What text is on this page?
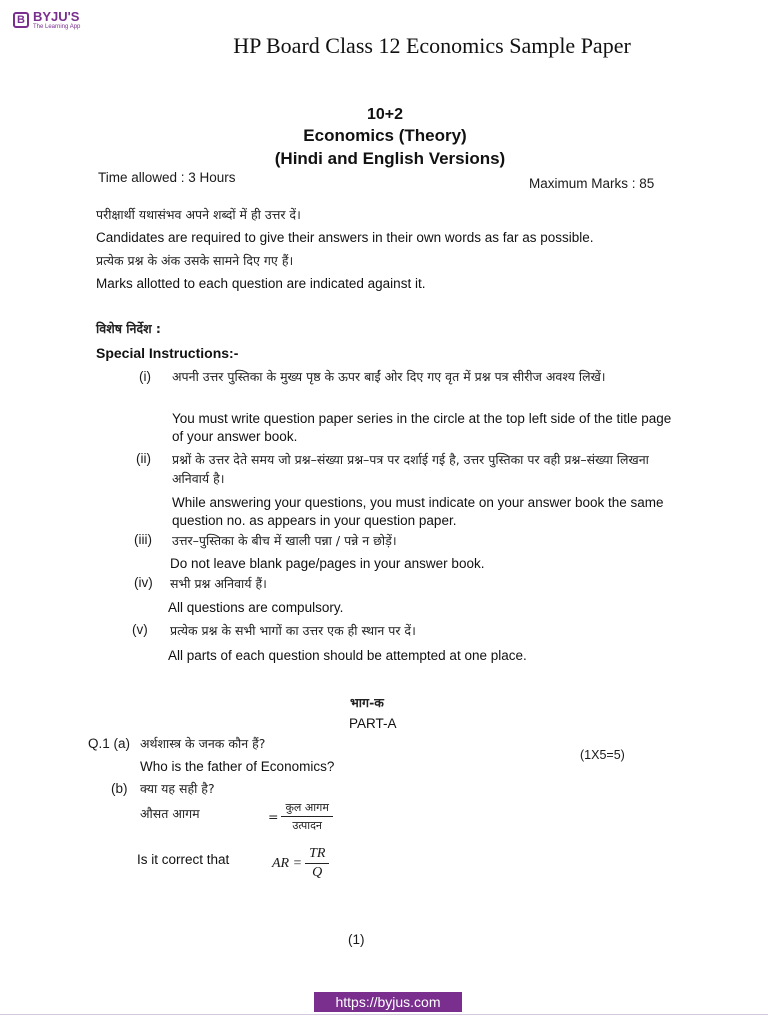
B BYJU'S
The Learning App
HP Board Class 12 Economics Sample Paper
10+2
Economics (Theory)
(Hindi and English Versions)
Time allowed : 3 Hours	Maximum Marks : 85
परीक्षार्थी यथासंभव अपने शब्दों में ही उत्तर दें।
Candidates are required to give their answers in their own words as far as possible.
प्रत्येक प्रश्न के अंक उसके सामने दिए गए हैं।
Marks allotted to each question are indicated against it.
विशेष निर्देश :
Special Instructions:-
(i) अपनी उत्तर पुस्तिका के मुख्य पृष्ठ के ऊपर बाईं ओर दिए गए वृत में प्रश्न पत्र सीरीज अवश्य लिखें।
You must write question paper series in the circle at the top left side of the title page of your answer book.
(ii) प्रश्नों के उत्तर देते समय जो प्रश्न–संख्या प्रश्न–पत्र पर दर्शाई गई है, उत्तर पुस्तिका पर वही प्रश्न–संख्या लिखना अनिवार्य है।
While answering your questions, you must indicate on your answer book the same question no. as appears in your question paper.
(iii) उत्तर–पुस्तिका के बीच में खाली पन्ना / पन्ने न छोड़ें।
Do not leave blank page/pages in your answer book.
(iv) सभी प्रश्न अनिवार्य हैं।
All questions are compulsory.
(v) प्रत्येक प्रश्न के सभी भागों का उत्तर एक ही स्थान पर दें।
All parts of each question should be attempted at one place.
भाग-क
PART-A
Q.1 (a) अर्थशास्त्र के जनक कौन हैं?
(1X5=5)
Who is the father of Economics?
(b) क्या यह सही है?
औसत आगम	= $\frac{\text{कुल आगम}}{\text{उत्पादन}}$
Is it correct that	AR = $\frac{TR}{Q}$
(1)
https://byjus.com
